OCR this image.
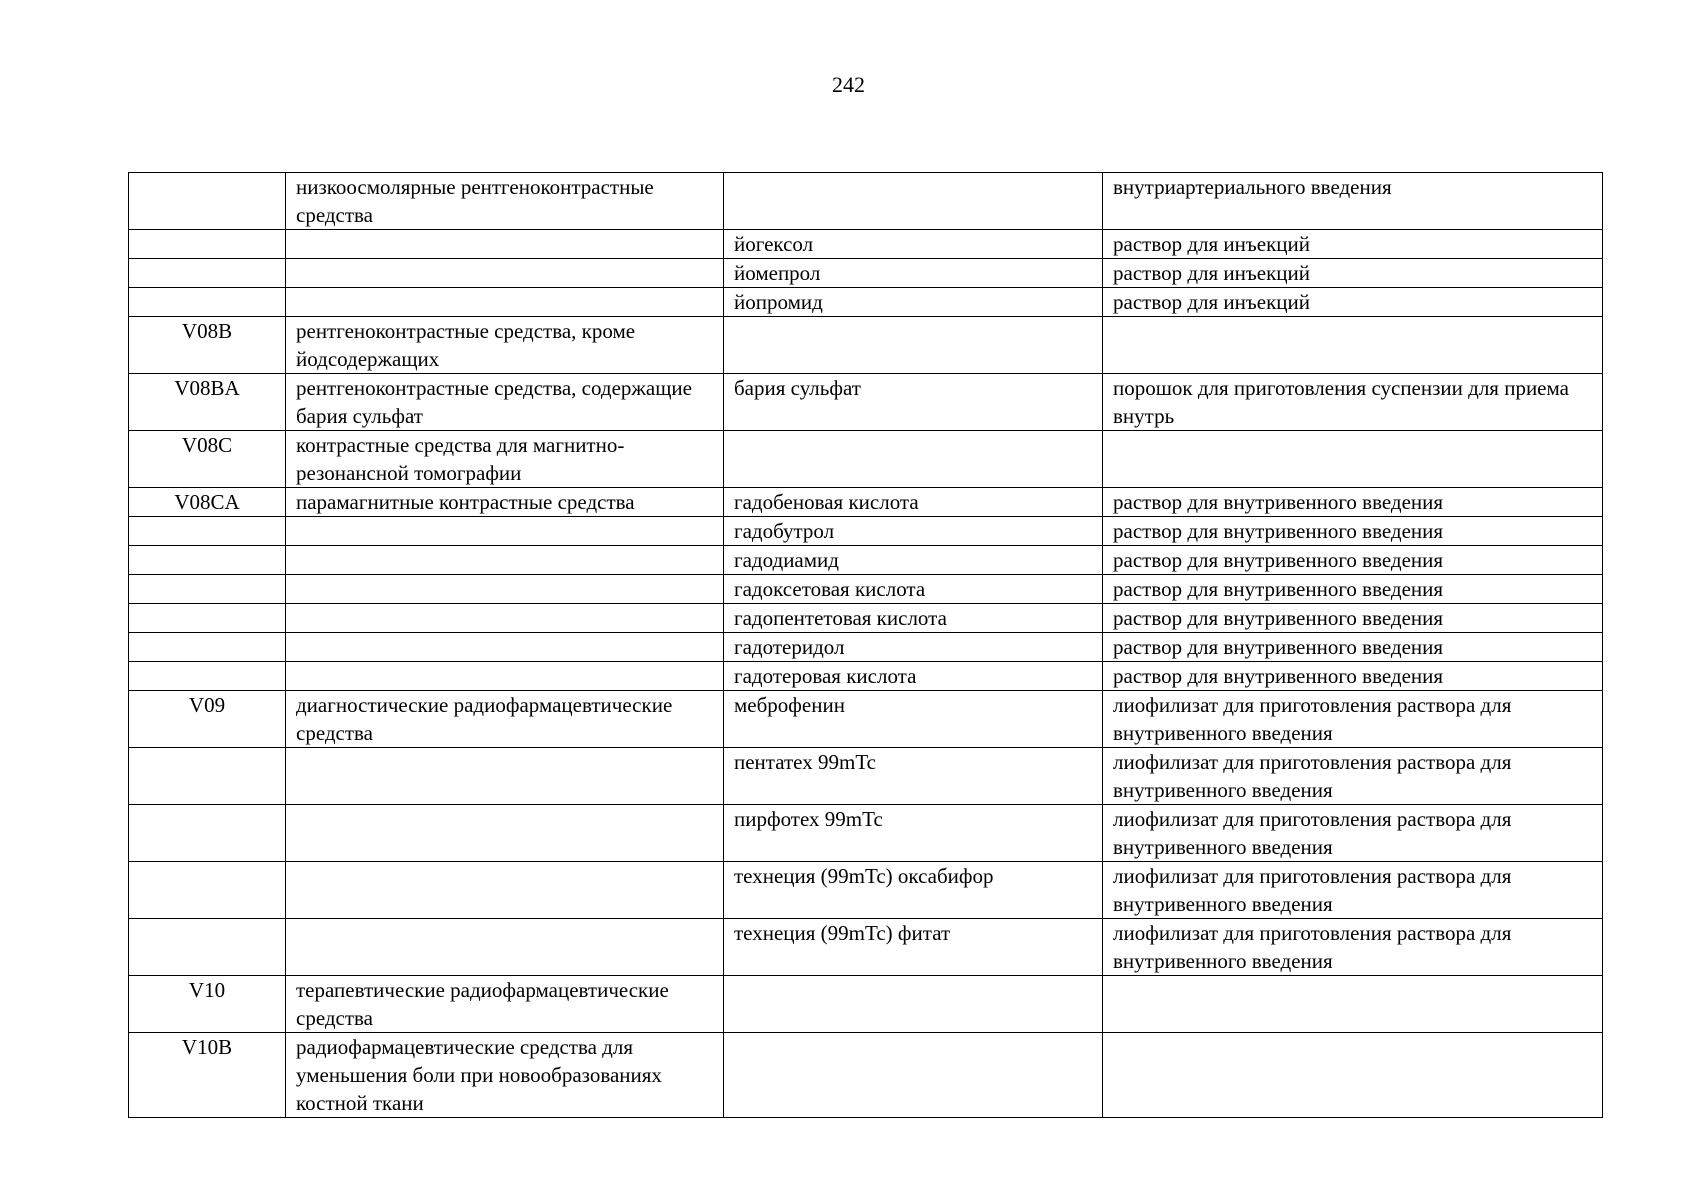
242
	низкоосмолярные рентгеноконтрастные средства		внутриартериального введения
		йогексол	раствор для инъекций
		йомепрол	раствор для инъекций
		йопромид	раствор для инъекций
V08B	рентгеноконтрастные средства, кроме йодсодержащих		
V08BA	рентгеноконтрастные средства, содержащие бария сульфат	бария сульфат	порошок для приготовления суспензии для приема внутрь
V08C	контрастные средства для магнитно-резонансной томографии		
V08CA	парамагнитные контрастные средства	гадобеновая кислота	раствор для внутривенного введения
		гадобутрол	раствор для внутривенного введения
		гадодиамид	раствор для внутривенного введения
		гадоксетовая кислота	раствор для внутривенного введения
		гадопентетовая кислота	раствор для внутривенного введения
		гадотеридол	раствор для внутривенного введения
		гадотеровая кислота	раствор для внутривенного введения
V09	диагностические радиофармацевтические средства	меброфенин	лиофилизат для приготовления раствора для внутривенного введения
		пентатех 99mTc	лиофилизат для приготовления раствора для внутривенного введения
		пирфотех 99mTc	лиофилизат для приготовления раствора для внутривенного введения
		технеция (99mTc) оксабифор	лиофилизат для приготовления раствора для внутривенного введения
		технеция (99mTc) фитат	лиофилизат для приготовления раствора для внутривенного введения
V10	терапевтические радиофармацевтические средства		
V10B	радиофармацевтические средства для уменьшения боли при новообразованиях костной ткани		
